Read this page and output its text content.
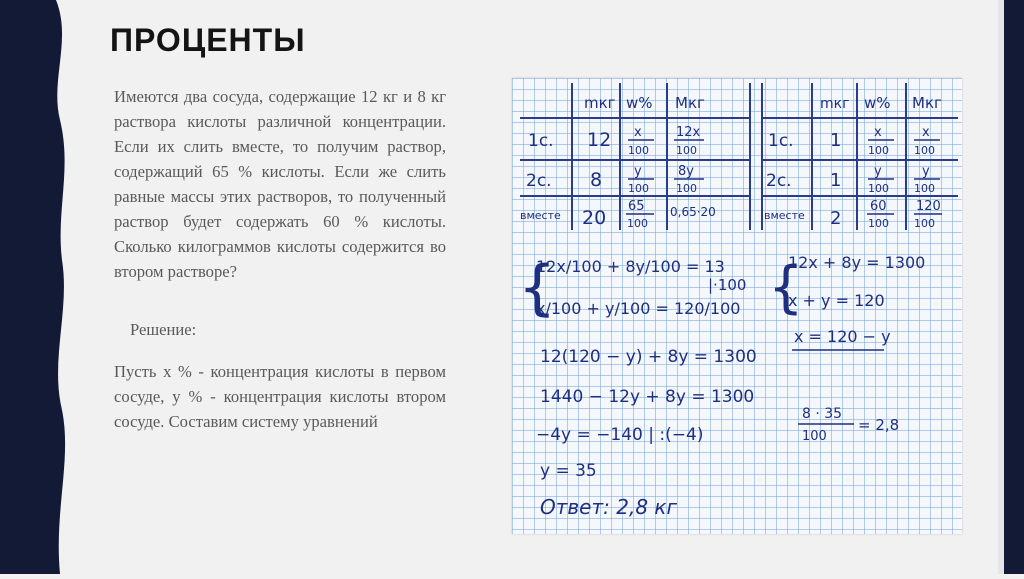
ПРОЦЕНТЫ

Имеются два сосуда, содержащие 12 кг и 8 кг раствора кислоты различной концентрации. Если их слить вместе, то получим раствор, содержащий 65 % кислоты. Если же слить равные массы этих растворов, то полученный раствор будет содержать 60 % кислоты. Сколько килограммов кислоты содержится во втором растворе?

Решение:

Пусть x % - концентрация кислоты в первом сосуде, у % - концентрация кислоты втором сосуде. Составим систему уравнений

mкг w% Mкг
1с. 12 x
100
12x
100
2с. 8 у
100
8у
100
вместе 20
65
100
0,65·20
mкг w% Mкг
1с. 1	x
100
x
100
2с. 1	у
100
у
100
вместе 2
60
100
120
100
{
12x/100 + 8у/100 = 13
x/100 + у/100 = 120/100
|·100 {
12x + 8у = 1300
x + у = 120
x = 120 − у
12(120 − у) + 8у = 1300
1440 − 12у + 8у = 1300
−4у = −140 | :(−4)
у = 35
Ответ: 2,8 кг
8 · 35
100
= 2,8
